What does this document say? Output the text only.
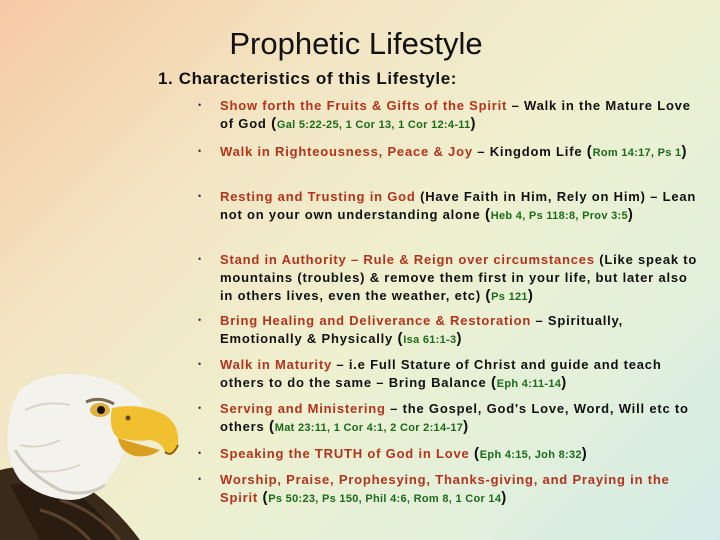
Prophetic Lifestyle
1. Characteristics of this Lifestyle:
• Show forth the Fruits & Gifts of the Spirit – Walk in the Mature Love of God (Gal 5:22-25, 1 Cor 13, 1 Cor 12:4-11)
• Walk in Righteousness, Peace & Joy – Kingdom Life (Rom 14:17, Ps 1)
• Resting and Trusting in God (Have Faith in Him, Rely on Him) – Lean not on your own understanding alone (Heb 4, Ps 118:8, Prov 3:5)
• Stand in Authority – Rule & Reign over circumstances (Like speak to mountains (troubles) & remove them first in your life, but later also in others lives, even the weather, etc) (Ps 121)
• Bring Healing and Deliverance & Restoration – Spiritually, Emotionally & Physically (Isa 61:1-3)
• Walk in Maturity – i.e Full Stature of Christ and guide and teach others to do the same – Bring Balance (Eph 4:11-14)
• Serving and Ministering – the Gospel, God's Love, Word, Will etc to others (Mat 23:11, 1 Cor 4:1, 2 Cor 2:14-17)
• Speaking the TRUTH of God in Love (Eph 4:15, Joh 8:32)
• Worship, Praise, Prophesying, Thanks-giving, and Praying in the Spirit (Ps 50:23, Ps 150, Phil 4:6, Rom 8, 1 Cor 14)
